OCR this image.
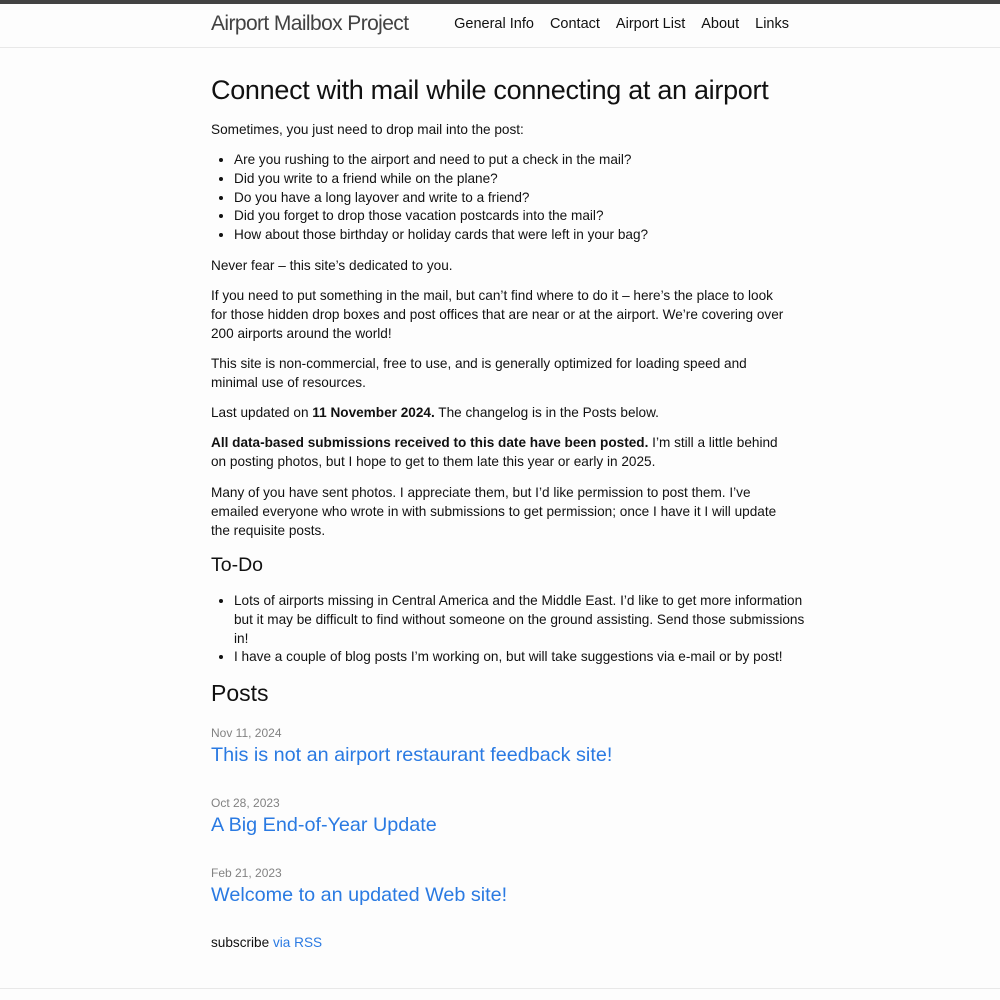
Airport Mailbox Project	General Info Contact Airport List About Links
Connect with mail while connecting at an airport

Sometimes, you just need to drop mail into the post:

• Are you rushing to the airport and need to put a check in the mail?
• Did you write to a friend while on the plane?
• Do you have a long layover and write to a friend?
• Did you forget to drop those vacation postcards into the mail?
• How about those birthday or holiday cards that were left in your bag?

Never fear – this site’s dedicated to you.

If you need to put something in the mail, but can’t find where to do it – here’s the place to look for those hidden drop boxes and post offices that are near or at the airport. We’re covering over 200 airports around the world!

This site is non-commercial, free to use, and is generally optimized for loading speed and minimal use of resources.

Last updated on 11 November 2024. The changelog is in the Posts below.

All data-based submissions received to this date have been posted. I’m still a little behind on posting photos, but I hope to get to them late this year or early in 2025.

Many of you have sent photos. I appreciate them, but I’d like permission to post them. I’ve emailed everyone who wrote in with submissions to get permission; once I have it I will update the requisite posts.

To-Do
• Lots of airports missing in Central America and the Middle East. I’d like to get more information but it may be difficult to find without someone on the ground assisting. Send those submissions in!
• I have a couple of blog posts I’m working on, but will take suggestions via e-mail or by post!
Posts
Nov 11, 2024
This is not an airport restaurant feedback site!
Oct 28, 2023
A Big End-of-Year Update
Feb 21, 2023
Welcome to an updated Web site!

subscribe via RSS
